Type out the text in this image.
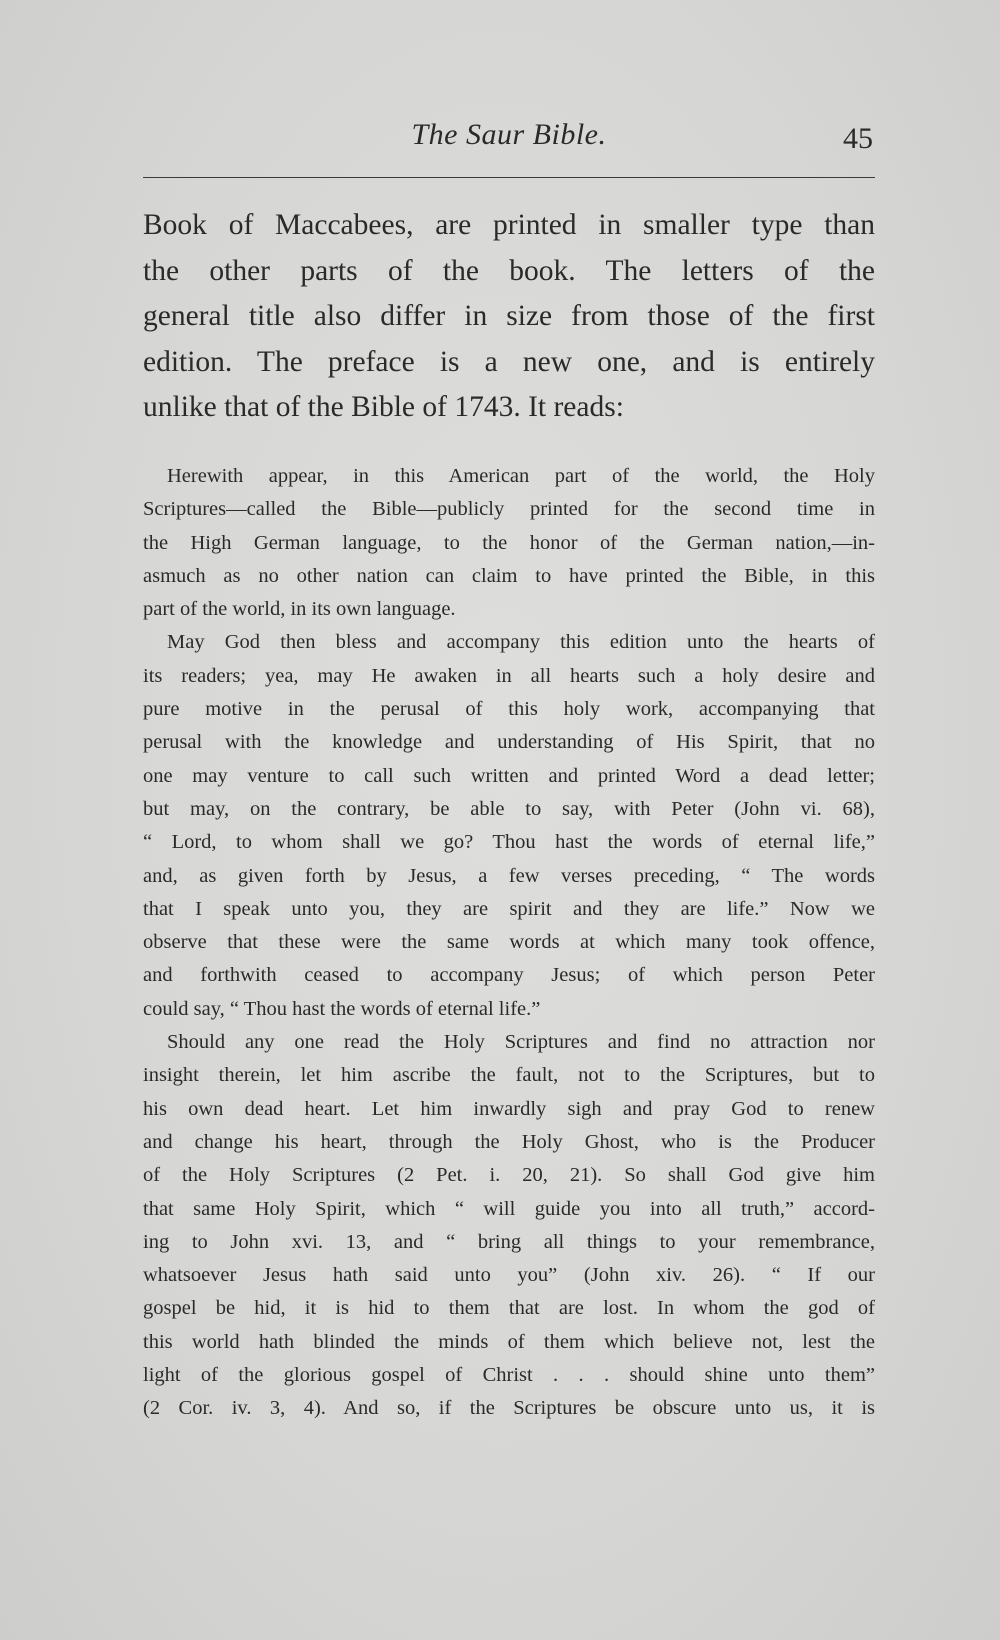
The Saur Bible.	45
Book of Maccabees, are printed in smaller type than
the other parts of the book. The letters of the
general title also differ in size from those of the first
edition. The preface is a new one, and is entirely
unlike that of the Bible of 1743. It reads:
Herewith appear, in this American part of the world, the Holy
Scriptures—called the Bible—publicly printed for the second time in
the High German language, to the honor of the German nation,—in-
asmuch as no other nation can claim to have printed the Bible, in this
part of the world, in its own language.
May God then bless and accompany this edition unto the hearts of
its readers; yea, may He awaken in all hearts such a holy desire and
pure motive in the perusal of this holy work, accompanying that
perusal with the knowledge and understanding of His Spirit, that no
one may venture to call such written and printed Word a dead letter;
but may, on the contrary, be able to say, with Peter (John vi. 68),
“ Lord, to whom shall we go? Thou hast the words of eternal life,”
and, as given forth by Jesus, a few verses preceding, “ The words
that I speak unto you, they are spirit and they are life.” Now we
observe that these were the same words at which many took offence,
and forthwith ceased to accompany Jesus; of which person Peter
could say, “ Thou hast the words of eternal life.”
Should any one read the Holy Scriptures and find no attraction nor
insight therein, let him ascribe the fault, not to the Scriptures, but to
his own dead heart. Let him inwardly sigh and pray God to renew
and change his heart, through the Holy Ghost, who is the Producer
of the Holy Scriptures (2 Pet. i. 20, 21). So shall God give him
that same Holy Spirit, which “ will guide you into all truth,” accord-
ing to John xvi. 13, and “ bring all things to your remembrance,
whatsoever Jesus hath said unto you” (John xiv. 26). “ If our
gospel be hid, it is hid to them that are lost. In whom the god of
this world hath blinded the minds of them which believe not, lest the
light of the glorious gospel of Christ . . . should shine unto them”
(2 Cor. iv. 3, 4). And so, if the Scriptures be obscure unto us, it is
